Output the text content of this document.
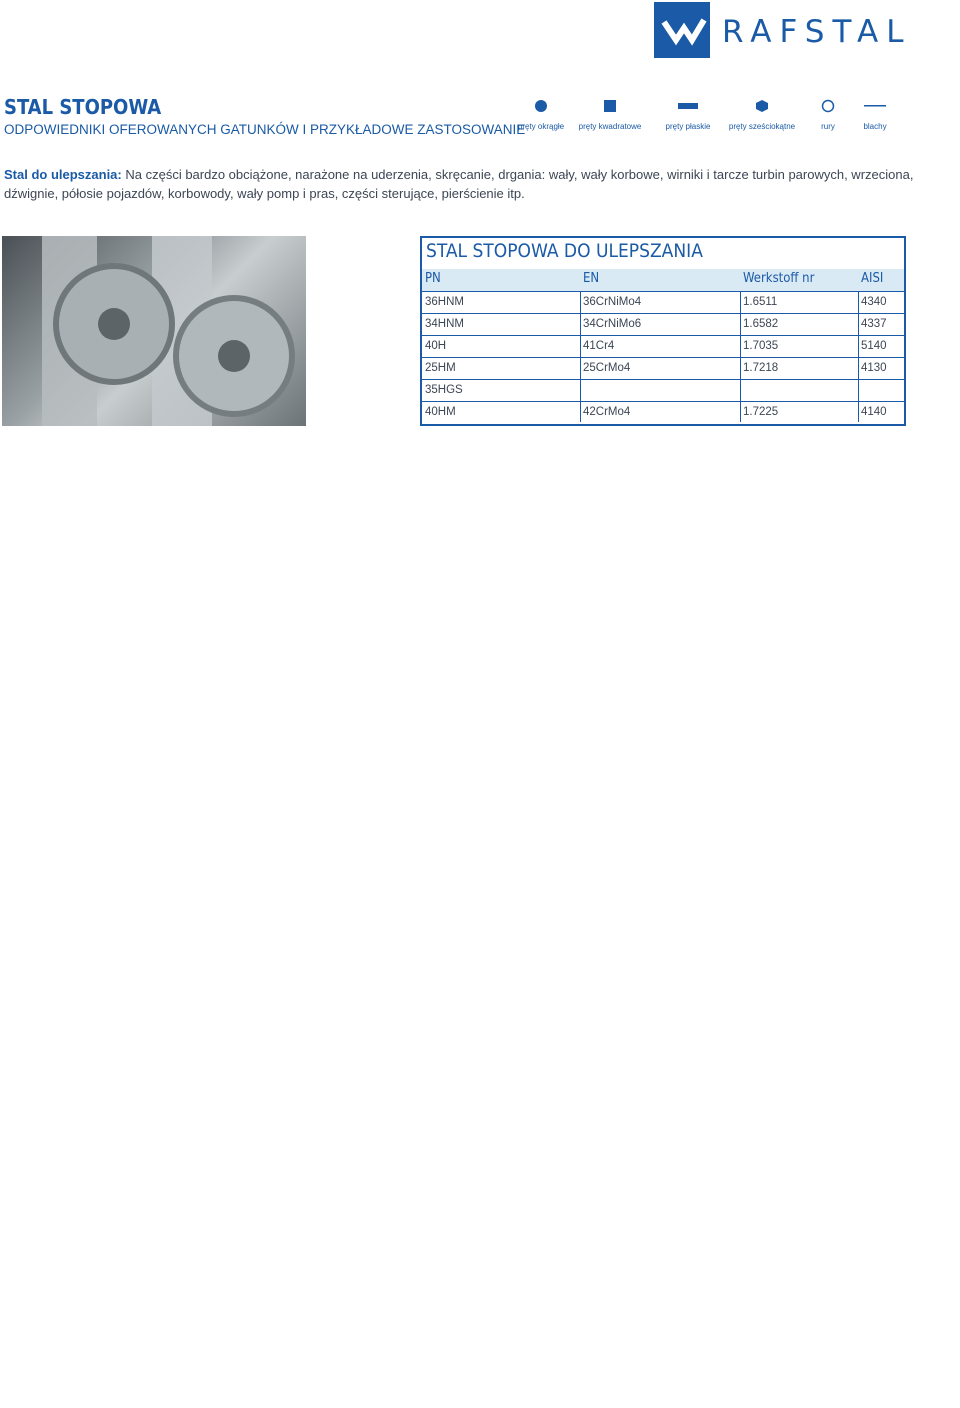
RAFSTAL
STAL STOPOWA
ODPOWIEDNIKI OFEROWANYCH GATUNKÓW I PRZYKŁADOWE ZASTOSOWANIE
pręty okrągłe pręty kwadratowe	pręty płaskie pręty sześciokątne	rury	blachy
Stal do ulepszania: Na części bardzo obciążone, narażone na uderzenia, skręcanie, drgania: wały, wały korbowe, wirniki i tarcze turbin parowych, wrzeciona, dźwignie, półosie pojazdów, korbowody, wały pomp i pras, części sterujące, pierścienie itp.
STAL STOPOWA DO ULEPSZANIA
PN	EN	Werkstoff nr	AISI
36HNM	36CrNiMo4	1.6511	4340
34HNM	34CrNiMo6	1.6582	4337
40H	41Cr4	1.7035	5140
25HM	25CrMo4	1.7218	4130
35HGS
40HM	42CrMo4	1.7225	4140
